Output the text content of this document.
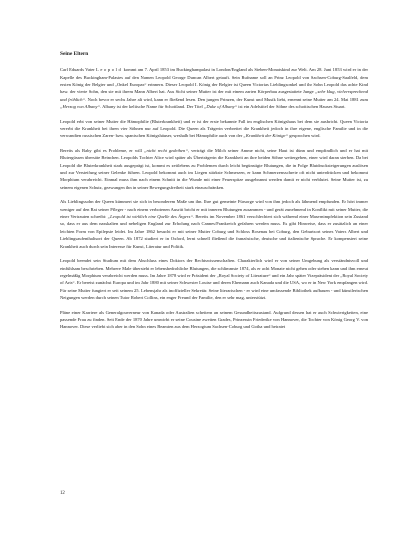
Seine Eltern

Carl Eduards Vater Leopold kommt am 7. April 1853 im Buckinghampalast in London/England als Sieben-Monatskind zur Welt. Am 28. Juni 1853 wird er in der Kapelle des Buckingham-Palastes auf den Namen Leopold George Duncan Albert getauft. Sein Rufname soll an Prinz Leopold von Sachsen-Coburg-Saalfeld, dem ersten König der Belgier und „Onkel Europas“ erinnern. Dieser Leopold I. König der Belgier ist Queen Victorias Lieblingsonkel und ihr Sohn Leopold das achte Kind bzw. der vierte Sohn, den sie mit ihrem Mann Albert hat. Aus Sicht seiner Mutter ist der mit einem zarten Körperbau ausgestattete Junge „sehr klug, vielversprechend und fröhlich“. Noch bevor er sechs Jahre alt wird, kann er fließend lesen. Den jungen Prinzen, der Kunst und Musik liebt, ernennt seine Mutter am 24. Mai 1881 zum „Herzog von Albany“. Albany ist der keltische Name für Schottland. Der Titel „Duke of Albany“ ist ein Adelstitel der Söhne des schottischen Hauses Stuart.

Leopold erbt von seiner Mutter die Hämophilie (Bluterkrankheit) und er ist der erste bekannte Fall im englischen Königshaus bei dem sie ausbricht. Queen Victoria vererbt die Krankheit bei ihren vier Söhnen nur auf Leopold. Die Queen als Trägerin verbreitet die Krankheit jedoch in ihre eigene, englische Familie und in die verwandten russischen Zaren- bzw. spanischen Königshäuser, weshalb bei Hämophilie auch von der „Krankheit der Könige“ gesprochen wird.

Bereits als Baby gibt es Probleme, er will „nicht recht gedeihen“, verträgt die Milch seiner Amme nicht, seine Haut ist dünn und empfindlich und er hat mit Blutergüssen übersäte Beinchen. Leopolds Tochter Alice wird später als Überträgerin die Krankheit an ihre beiden Söhne weitergeben, einer wird daran sterben. Da bei Leopold die Bluterkrankheit stark ausgeprägt ist, kommt es zeitlebens zu Problemen durch leicht begünstigte Blutungen, die in Folge Blutdrucksteigerungen auslösen und zur Versteifung seiner Gelenke führen. Leopold bekommt auch im Liegen stärkste Schmerzen, er kann Schmerzensschreie oft nicht unterdrücken und bekommt Morphium verabreicht. Einmal muss ihm nach einem Schnitt in die Wunde mit einer Feuerspitze ausgebrannt werden damit er nicht verblutet. Seine Mutter ist, zu seinem eigenen Schutz, gezwungen ihn in seiner Bewegungsfreiheit stark einzuschränken.

Als Lieblingssohn der Queen kümmert sie sich in besonderem Maße um ihn. Ihre gut gemeinte Fürsorge wird von ihm jedoch als lähmend empfunden. Er hört immer weniger auf den Rat seiner Pfleger - nach einem verbotenen Ausritt bricht er mit inneren Blutungen zusammen - und gerät zunehmend in Konflikt mit seiner Mutter, die einer Vertrauten schreibt: „Leopold ist wirklich eine Quelle des Ärgers“. Bereits im November 1861 verschlechtert sich während einer Masernimpfektion sein Zustand so, dass er aus dem nasskalten und nebeligen England zur Erholung nach Cannes/Frankreich gefahren werden muss. Es gibt Hinweise, dass er zusätzlich an einer leichten Form von Epilepsie leidet. Im Jahre 1862 besucht er mit seiner Mutter Coburg und Schloss Rosenau bei Coburg, den Geburtsort seines Vaters Albert und Lieblingsaufenthaltsort der Queen. Ab 1872 studiert er in Oxford, lernt schnell fließend die französische, deutsche und italienische Sprache. Er kompensiert seine Krankheit auch durch sein Interesse für Kunst, Literatur und Politik.

Leopold beendet sein Studium mit dem Abschluss eines Doktors der Rechtswissenschaften. Charakterlich wird er von seiner Umgebung als verständnisvoll und einfühlsam beschrieben. Mehrere Male übersteht er lebensbedrohliche Blutungen, die schlimmste 1874, als er acht Monate nicht gehen oder stehen kann und ihm erneut regelmäßig Morphium verabreicht werden muss. Im Jahre 1878 wird er Präsident der „Royal Society of Literature“ und ein Jahr später Vizepräsident der „Royal Society of Arts“. Er bereist zunächst Europa und im Jahr 1880 mit seiner Schwester Louise und deren Ehemann auch Kanada und die USA, wo er in New York empfangen wird. Für seine Mutter fungiert er seit seinem 25. Lebensjahr als inoffizieller Sekretär. Seine literarischen - er wird eine umfassende Bibliothek aufbauen - und künstlerischen Neigungen werden durch seinen Tutor Robert Collins, ein enger Freund der Familie, den er sehr mag, unterstützt.

Pläne einer Karriere als Generalgouverneur von Kanada oder Australien scheitern an seinem Gesundheitszustand. Aufgrund dessen hat er auch Schwierigkeiten, eine passende Frau zu finden. Seit Ende der 1870 Jahre umwirbt er seine Cousine zweiten Grades, Prinzessin Friederike von Hannover, die Tochter von König Georg V. von Hannover. Diese verliebt sich aber in den Sohn eines Beamten aus dem Herzogtum Sachsen-Coburg und Gotha und heiratet

12
